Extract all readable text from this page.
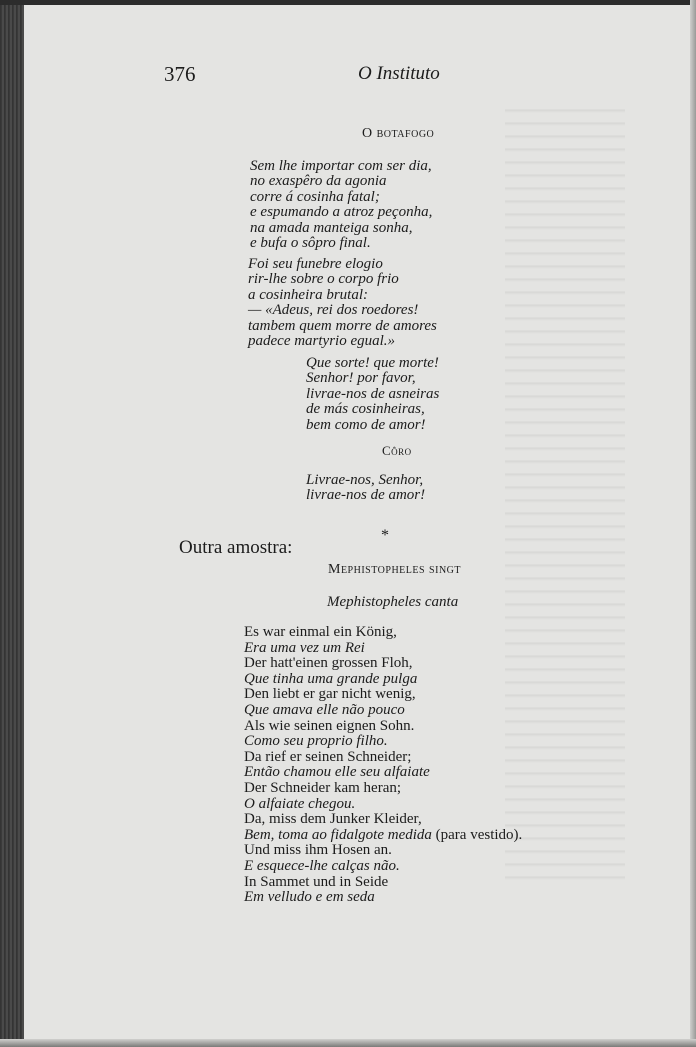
376	O Instituto
O botafogo
Sem lhe importar com ser dia,
no exaspêro da agonia
corre á cosinha fatal;
e espumando a atroz peçonha,
na amada manteiga sonha,
e bufa o sôpro final.
Foi seu funebre elogio
rir-lhe sobre o corpo frio
a cosinheira brutal:
— «Adeus, rei dos roedores!
tambem quem morre de amores
padece martyrio egual.»
Que sorte! que morte!
Senhor! por favor,
livrae-nos de asneiras
de más cosinheiras,
bem como de amor!
Côro
Livrae-nos, Senhor,
livrae-nos de amor!
*
Outra amostra:
Mephistopheles singt
Mephistopheles canta
Es war einmal ein König,
Era uma vez um Rei
Der hatt'einen grossen Floh,
Que tinha uma grande pulga
Den liebt er gar nicht wenig,
Que amava elle não pouco
Als wie seinen eignen Sohn.
Como seu proprio filho.
Da rief er seinen Schneider;
Então chamou elle seu alfaiate
Der Schneider kam heran;
O alfaiate chegou.
Da, miss dem Junker Kleider,
Bem, toma ao fidalgote medida (para vestido).
Und miss ihm Hosen an.
E esquece-lhe calças não.
In Sammet und in Seide
Em velludo e em seda
